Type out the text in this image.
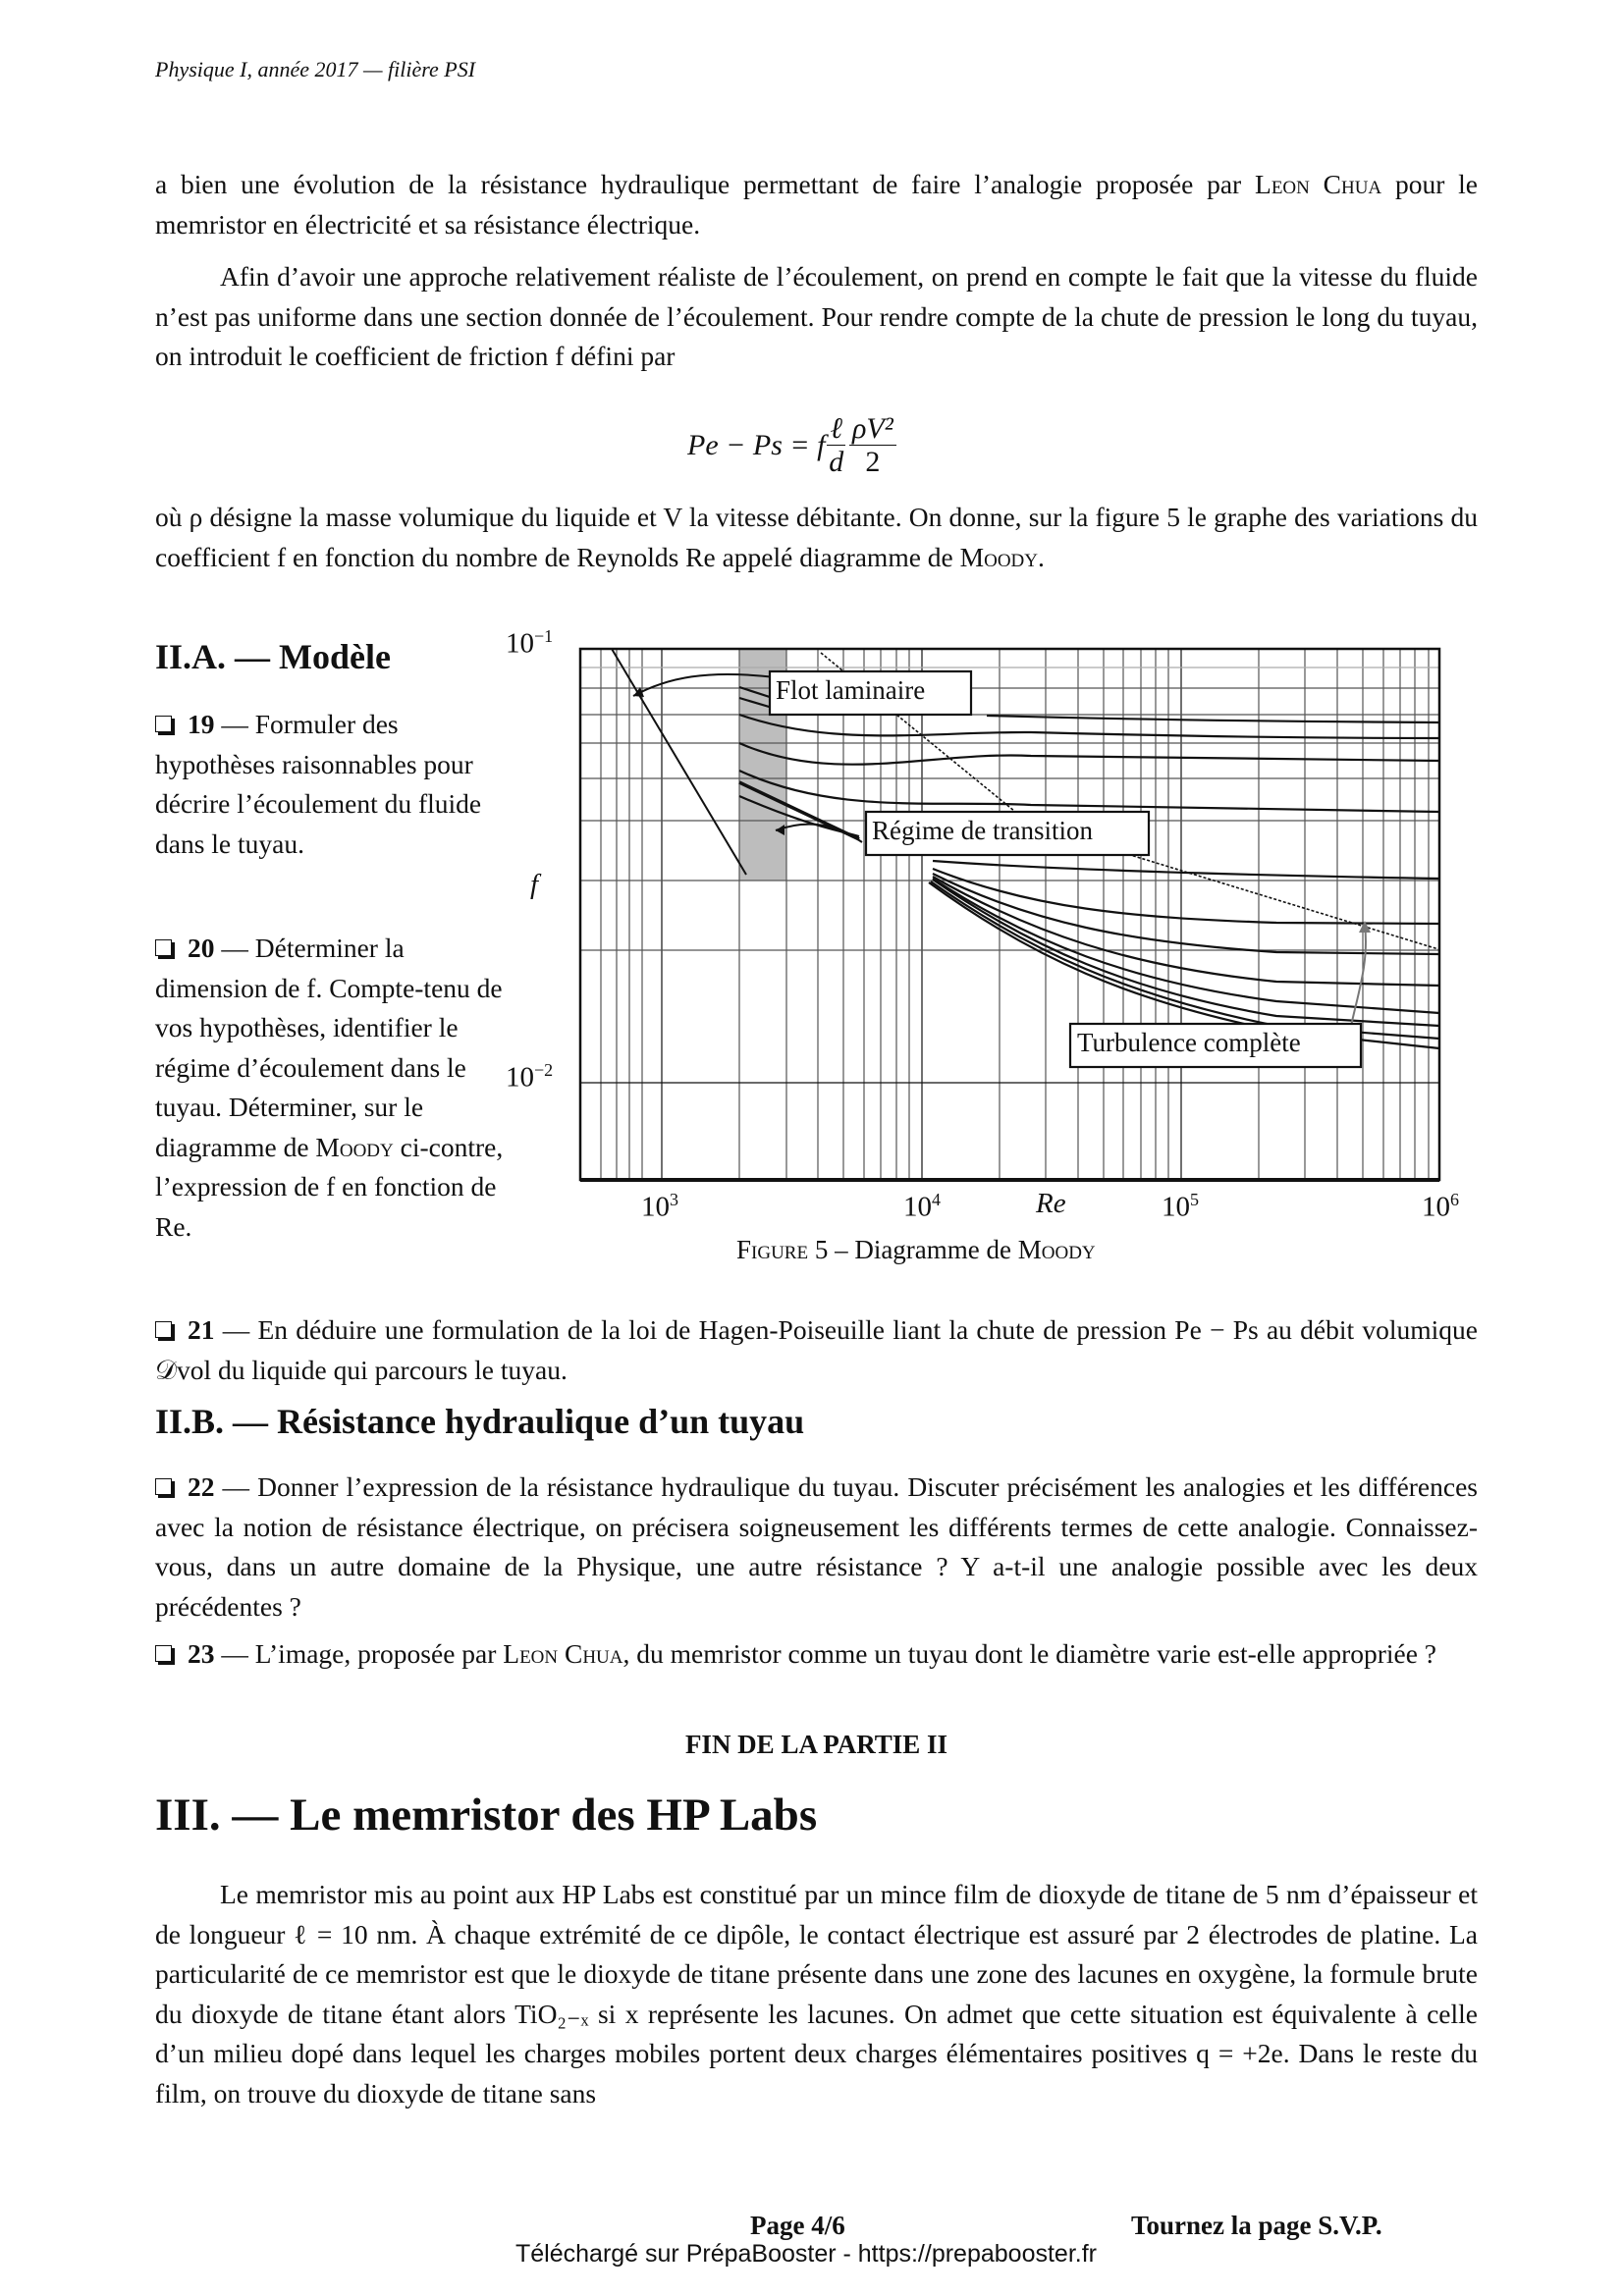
Physique I, année 2017 — filière PSI

a bien une évolution de la résistance hydraulique permettant de faire l’analogie proposée par Leon Chua pour le memristor en électricité et sa résistance électrique.

Afin d’avoir une approche relativement réaliste de l’écoulement, on prend en compte le fait que la vitesse du fluide n’est pas uniforme dans une section donnée de l’écoulement. Pour rendre compte de la chute de pression le long du tuyau, on introduit le coefficient de friction f défini par

Pe − Ps = f $\frac{\text{ℓ}}{d} \frac{\text{ρV²}}{2}$

où ρ désigne la masse volumique du liquide et V la vitesse débitante. On donne, sur la figure 5 le graphe des variations du coefficient f en fonction du nombre de Reynolds Re appelé diagramme de Moody.

II.A. — Modèle

19 — Formuler des hypothèses raisonnables pour décrire l’écoulement du fluide dans le tuyau.

20 — Déterminer la dimension de f. Compte-tenu de vos hypothèses, identifier le régime d’écoulement dans le tuyau. Déterminer, sur le diagramme de Moody ci-contre, l’expression de f en fonction de Re.

Flot laminaire
Régime de transition
Turbulence complète
$10^{-1}$
$10^{-2}$
f
$10^3$	$10^4$	Re	$10^5$	$10^6$
Figure 5 – Diagramme de Moody

21 — En déduire une formulation de la loi de Hagen-Poiseuille liant la chute de pression Pe − Ps au débit volumique 𝒟vol du liquide qui parcours le tuyau.

II.B. — Résistance hydraulique d’un tuyau

22 — Donner l’expression de la résistance hydraulique du tuyau. Discuter précisément les analogies et les différences avec la notion de résistance électrique, on précisera soigneusement les différents termes de cette analogie. Connaissez-vous, dans un autre domaine de la Physique, une autre résistance ? Y a-t-il une analogie possible avec les deux précédentes ?

23 — L’image, proposée par Leon Chua, du memristor comme un tuyau dont le diamètre varie est-elle appropriée ?

FIN DE LA PARTIE II
III. — Le memristor des HP Labs

Le memristor mis au point aux HP Labs est constitué par un mince film de dioxyde de titane de 5 nm d’épaisseur et de longueur ℓ = 10 nm. À chaque extrémité de ce dipôle, le contact électrique est assuré par 2 électrodes de platine. La particularité de ce memristor est que le dioxyde de titane présente dans une zone des lacunes en oxygène, la formule brute du dioxyde de titane étant alors TiO₂₋ₓ si x représente les lacunes. On admet que cette situation est équivalente à celle d’un milieu dopé dans lequel les charges mobiles portent deux charges élémentaires positives q = +2e. Dans le reste du film, on trouve du dioxyde de titane sans

Page 4/6	Tournez la page S.V.P.
Téléchargé sur PrépaBooster - https://prepabooster.fr
